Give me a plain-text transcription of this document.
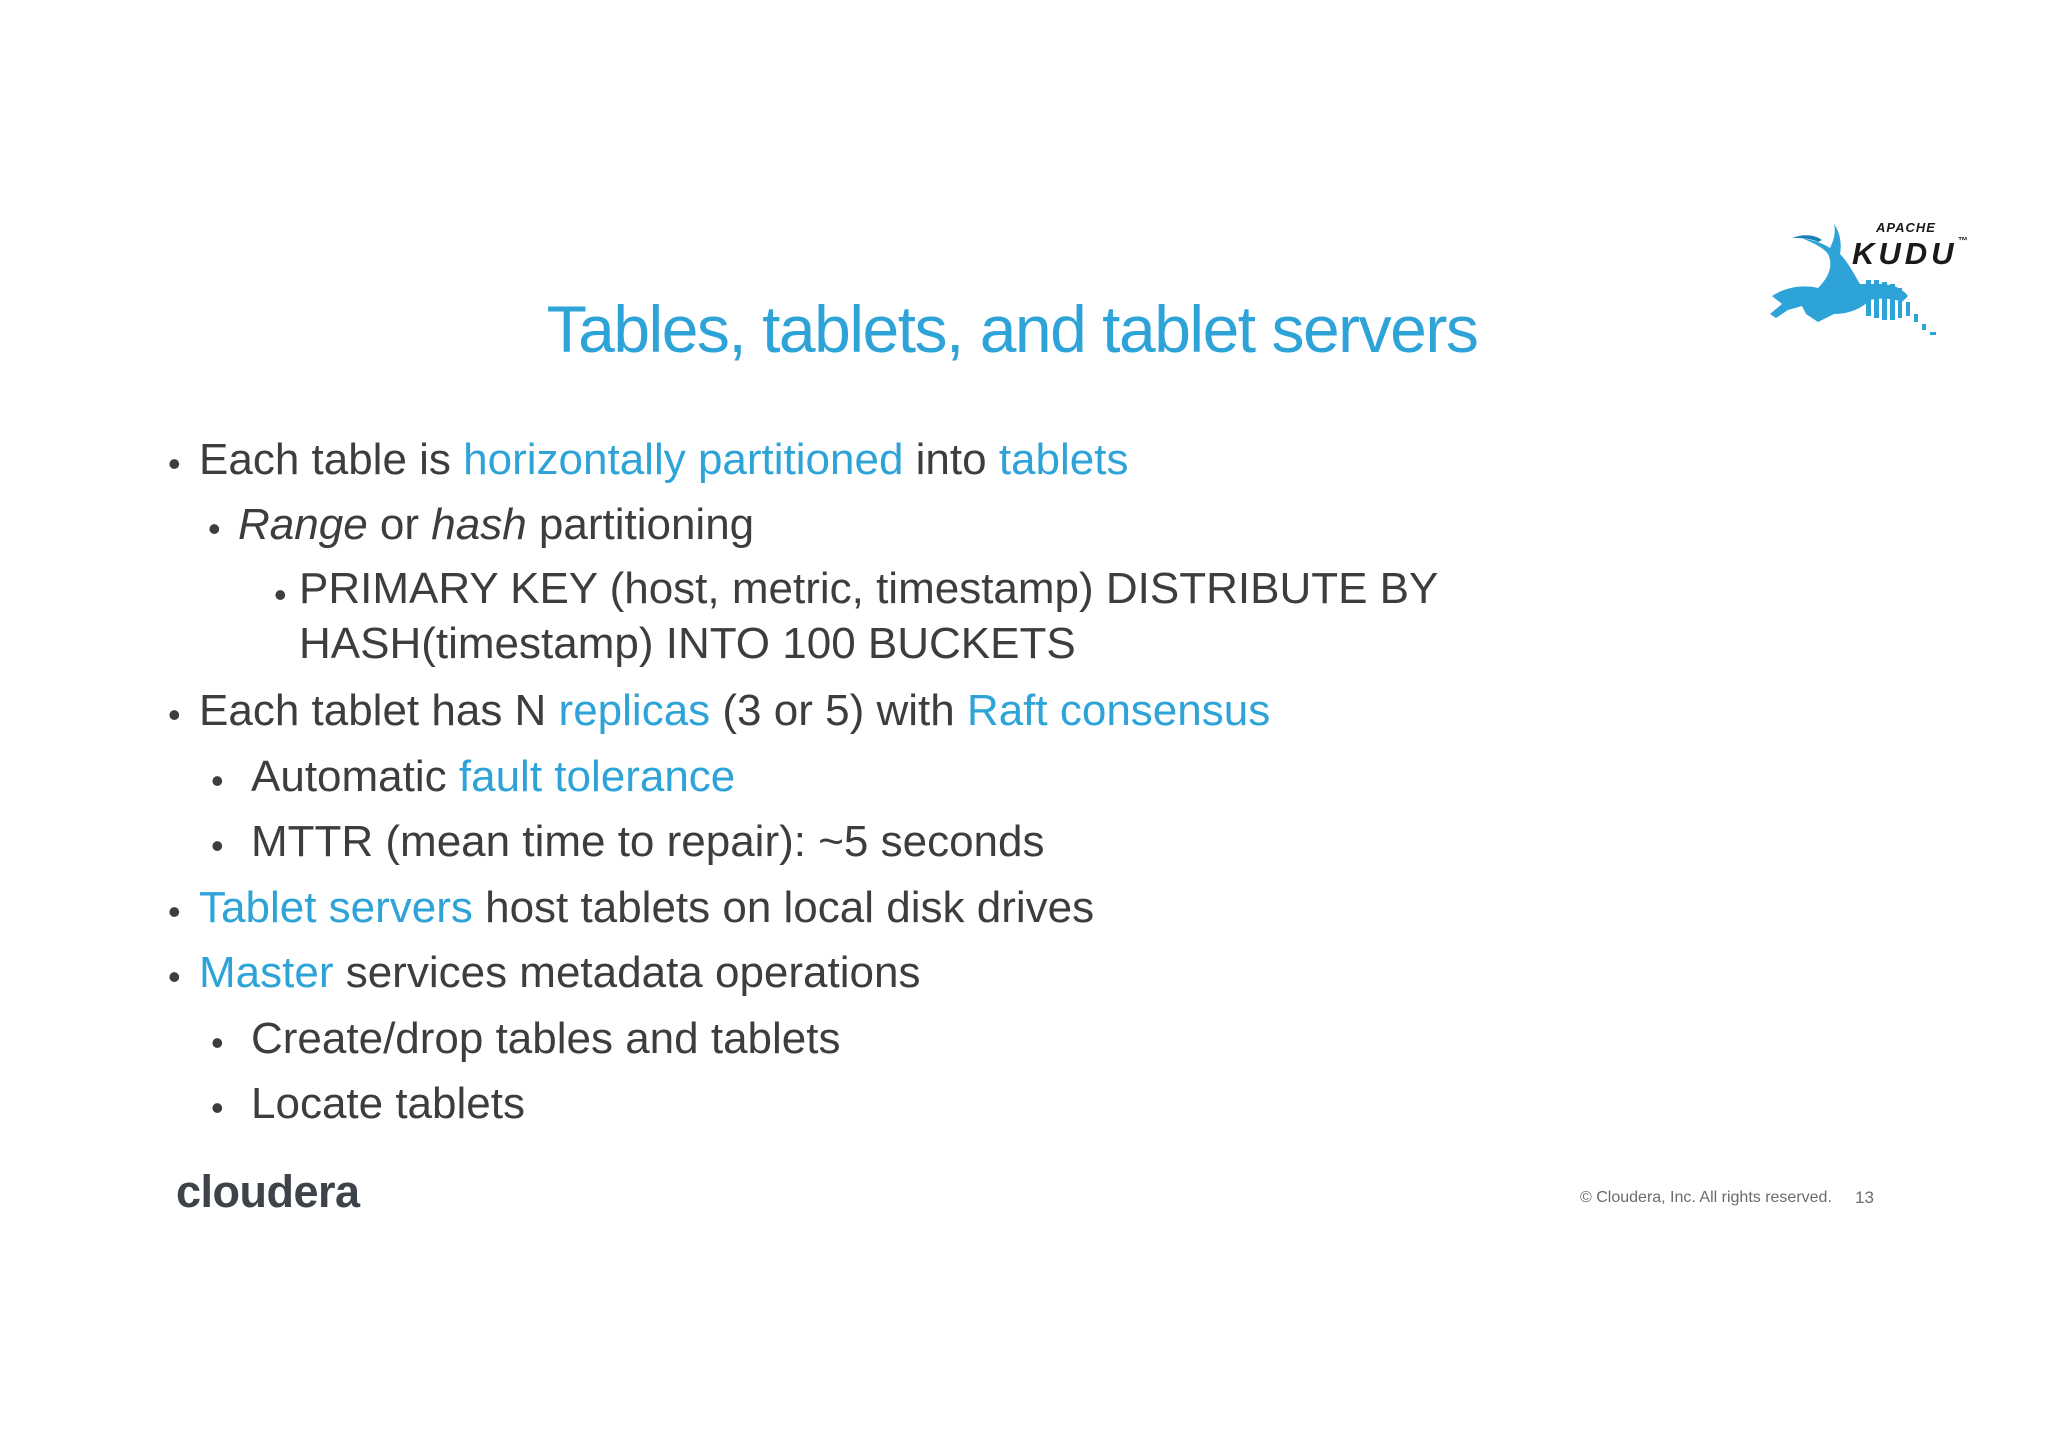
Tables, tablets, and tablet servers
APACHE
KUDU™
• Each table is horizontally partitioned into tablets
• Range or hash partitioning
• PRIMARY KEY (host, metric, timestamp) DISTRIBUTE BY
HASH(timestamp) INTO 100 BUCKETS
• Each tablet has N replicas (3 or 5) with Raft consensus
• Automatic fault tolerance
• MTTR (mean time to repair): ~5 seconds
• Tablet servers host tablets on local disk drives
• Master services metadata operations
• Create/drop tables and tablets
• Locate tablets
cloudera	© Cloudera, Inc. All rights reserved. 13
